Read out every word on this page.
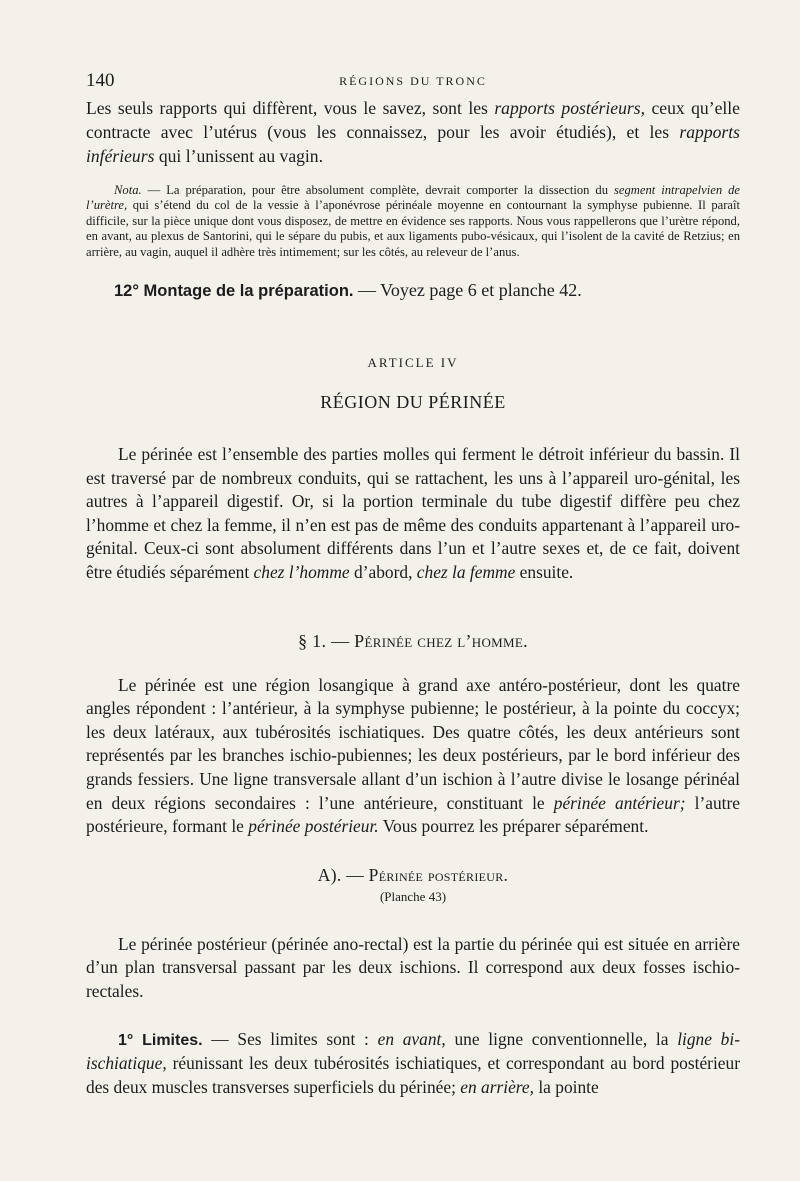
140	RÉGIONS DU TRONC

Les seuls rapports qui diffèrent, vous le savez, sont les rapports postérieurs, ceux qu’elle contracte avec l’utérus (vous les connaissez, pour les avoir étudiés), et les rapports inférieurs qui l’unissent au vagin.

Nota. — La préparation, pour être absolument complète, devrait comporter la dissection du segment intrapelvien de l’urètre, qui s’étend du col de la vessie à l’aponévrose périnéale moyenne en contournant la symphyse pubienne. Il paraît difficile, sur la pièce unique dont vous disposez, de mettre en évidence ses rapports. Nous vous rappellerons que l’urètre répond, en avant, au plexus de Santorini, qui le sépare du pubis, et aux ligaments pubo-vésicaux, qui l’isolent de la cavité de Retzius; en arrière, au vagin, auquel il adhère très intimement; sur les côtés, au releveur de l’anus.

12° Montage de la préparation. — Voyez page 6 et planche 42.

ARTICLE IV
RÉGION DU PÉRINÉE

Le périnée est l’ensemble des parties molles qui ferment le détroit inférieur du bassin. Il est traversé par de nombreux conduits, qui se rattachent, les uns à l’appareil uro-génital, les autres à l’appareil digestif. Or, si la portion terminale du tube digestif diffère peu chez l’homme et chez la femme, il n’en est pas de même des conduits appartenant à l’appareil uro-génital. Ceux-ci sont absolument différents dans l’un et l’autre sexes et, de ce fait, doivent être étudiés séparément chez l’homme d’abord, chez la femme ensuite.

§ 1. — Périnée chez l’homme.

Le périnée est une région losangique à grand axe antéro-postérieur, dont les quatre angles répondent : l’antérieur, à la symphyse pubienne; le postérieur, à la pointe du coccyx; les deux latéraux, aux tubérosités ischiatiques. Des quatre côtés, les deux antérieurs sont représentés par les branches ischio-pubiennes; les deux postérieurs, par le bord inférieur des grands fessiers. Une ligne transversale allant d’un ischion à l’autre divise le losange périnéal en deux régions secondaires : l’une antérieure, constituant le périnée antérieur; l’autre postérieure, formant le périnée postérieur. Vous pourrez les préparer séparément.

A). — Périnée postérieur.
(Planche 43)

Le périnée postérieur (périnée ano-rectal) est la partie du périnée qui est située en arrière d’un plan transversal passant par les deux ischions. Il correspond aux deux fosses ischio-rectales.

1° Limites. — Ses limites sont : en avant, une ligne conventionnelle, la ligne bi-ischiatique, réunissant les deux tubérosités ischiatiques, et correspondant au bord postérieur des deux muscles transverses superficiels du périnée; en arrière, la pointe
